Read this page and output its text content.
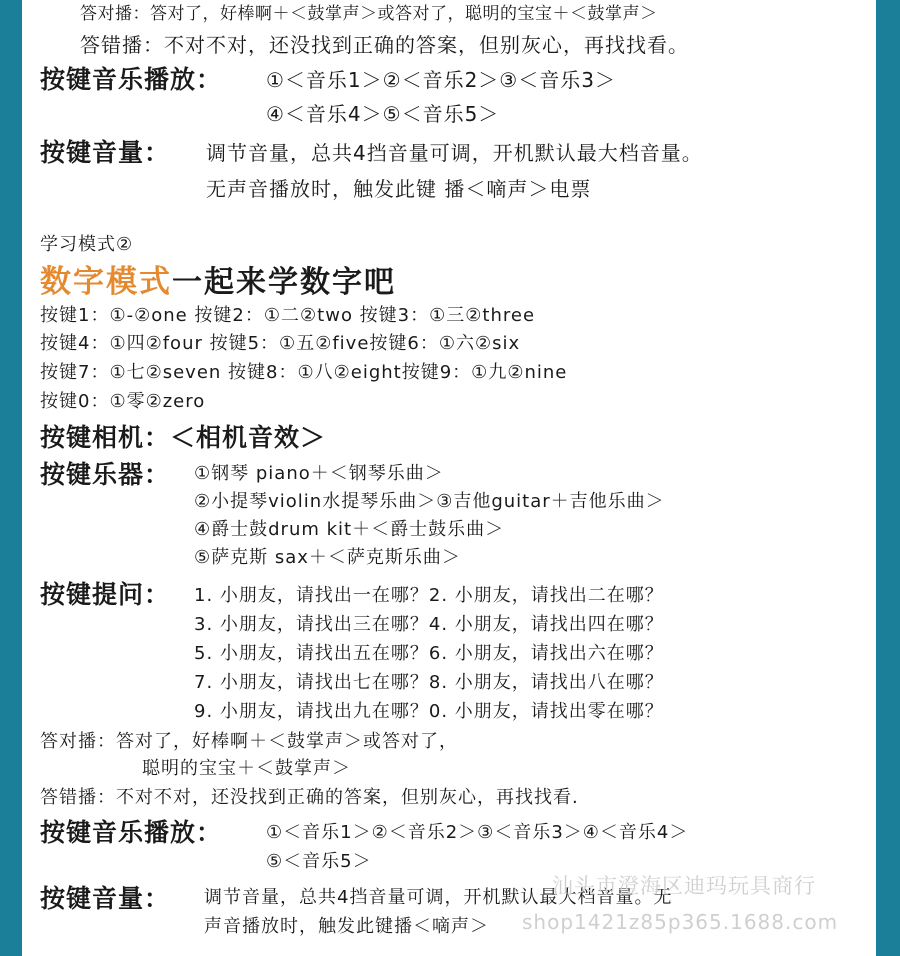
答对播：答对了，好棒啊＋＜鼓掌声＞或答对了，聪明的宝宝＋＜鼓掌声＞
答错播：不对不对，还没找到正确的答案，但别灰心，再找找看。
按键音乐播放： ①＜音乐1＞②＜音乐2＞③＜音乐3＞
④＜音乐4＞⑤＜音乐5＞
按键音量： 调节音量，总共4挡音量可调，开机默认最大档音量。
无声音播放时，触发此键 播＜嘀声＞电票
学习模式②
数字模式一起来学数字吧
按键1：①-②one 按键2：①二②two 按键3：①三②three
按键4：①四②four 按键5：①五②five按键6：①六②six
按键7：①七②seven 按键8：①八②eight按键9：①九②nine
按键0：①零②zero
按键相机：＜相机音效＞
按键乐器： ①钢琴 piano＋＜钢琴乐曲＞
②小提琴violin水提琴乐曲＞③吉他guitar＋吉他乐曲＞
④爵士鼓drum kit＋＜爵士鼓乐曲＞
⑤萨克斯 sax＋＜萨克斯乐曲＞
按键提问： 1. 小朋友，请找出一在哪？2. 小朋友，请找出二在哪？
3. 小朋友，请找出三在哪？4. 小朋友，请找出四在哪？
5. 小朋友，请找出五在哪？6. 小朋友，请找出六在哪？
7. 小朋友，请找出七在哪？8. 小朋友，请找出八在哪？
9. 小朋友，请找出九在哪？0. 小朋友，请找出零在哪？
答对播：答对了，好棒啊＋＜鼓掌声＞或答对了，
聪明的宝宝＋＜鼓掌声＞
答错播：不对不对，还没找到正确的答案，但别灰心，再找找看.
按键音乐播放： ①＜音乐1＞②＜音乐2＞③＜音乐3＞④＜音乐4＞
⑤＜音乐5＞
按键音量： 调节音量，总共4挡音量可调，开机默认最大档音量。无
声音播放时，触发此键播＜嘀声＞
汕头市澄海区迪玛玩具商行
shop1421z85p365.1688.com
